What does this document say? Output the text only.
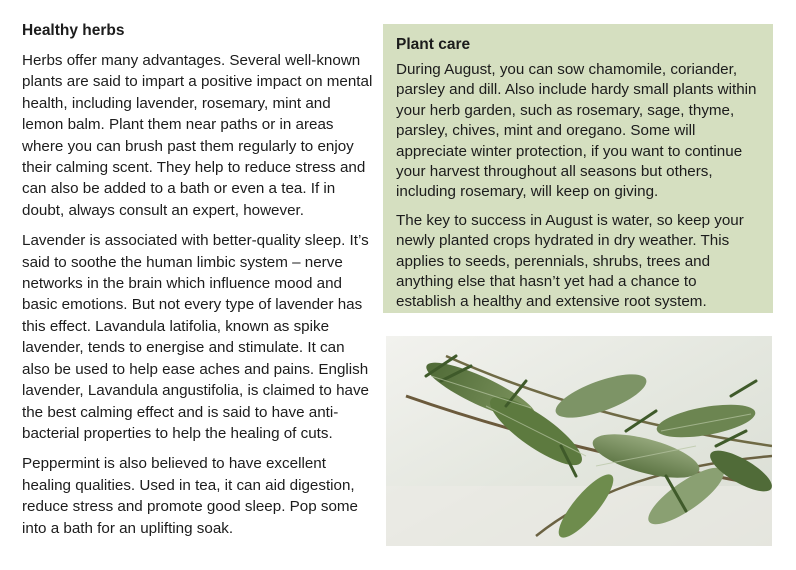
Healthy herbs

Herbs offer many advantages. Several well-known plants are said to impart a positive impact on mental health, including lavender, rosemary, mint and lemon balm. Plant them near paths or in areas where you can brush past them regularly to enjoy their calming scent. They help to reduce stress and can also be added to a bath or even a tea. If in doubt, always consult an expert, however.

Lavender is associated with better-quality sleep. It’s said to soothe the human limbic system – nerve networks in the brain which influence mood and basic emotions. But not every type of lavender has this effect. Lavandula latifolia, known as spike lavender, tends to energise and stimulate. It can also be used to help ease aches and pains. English lavender, Lavandula angustifolia, is claimed to have the best calming effect and is said to have anti-bacterial properties to help the healing of cuts.

Peppermint is also believed to have excellent healing qualities. Used in tea, it can aid digestion, reduce stress and promote good sleep. Pop some into a bath for an uplifting soak.

Plant care

During August, you can sow chamomile, coriander, parsley and dill. Also include hardy small plants within your herb garden, such as rosemary, sage, thyme, parsley, chives, mint and oregano. Some will appreciate winter protection, if you want to continue your harvest throughout all seasons but others, including rosemary, will keep on giving.

The key to success in August is water, so keep your newly planted crops hydrated in dry weather. This applies to seeds, perennials, shrubs, trees and anything else that hasn’t yet had a chance to establish a healthy and extensive root system.
